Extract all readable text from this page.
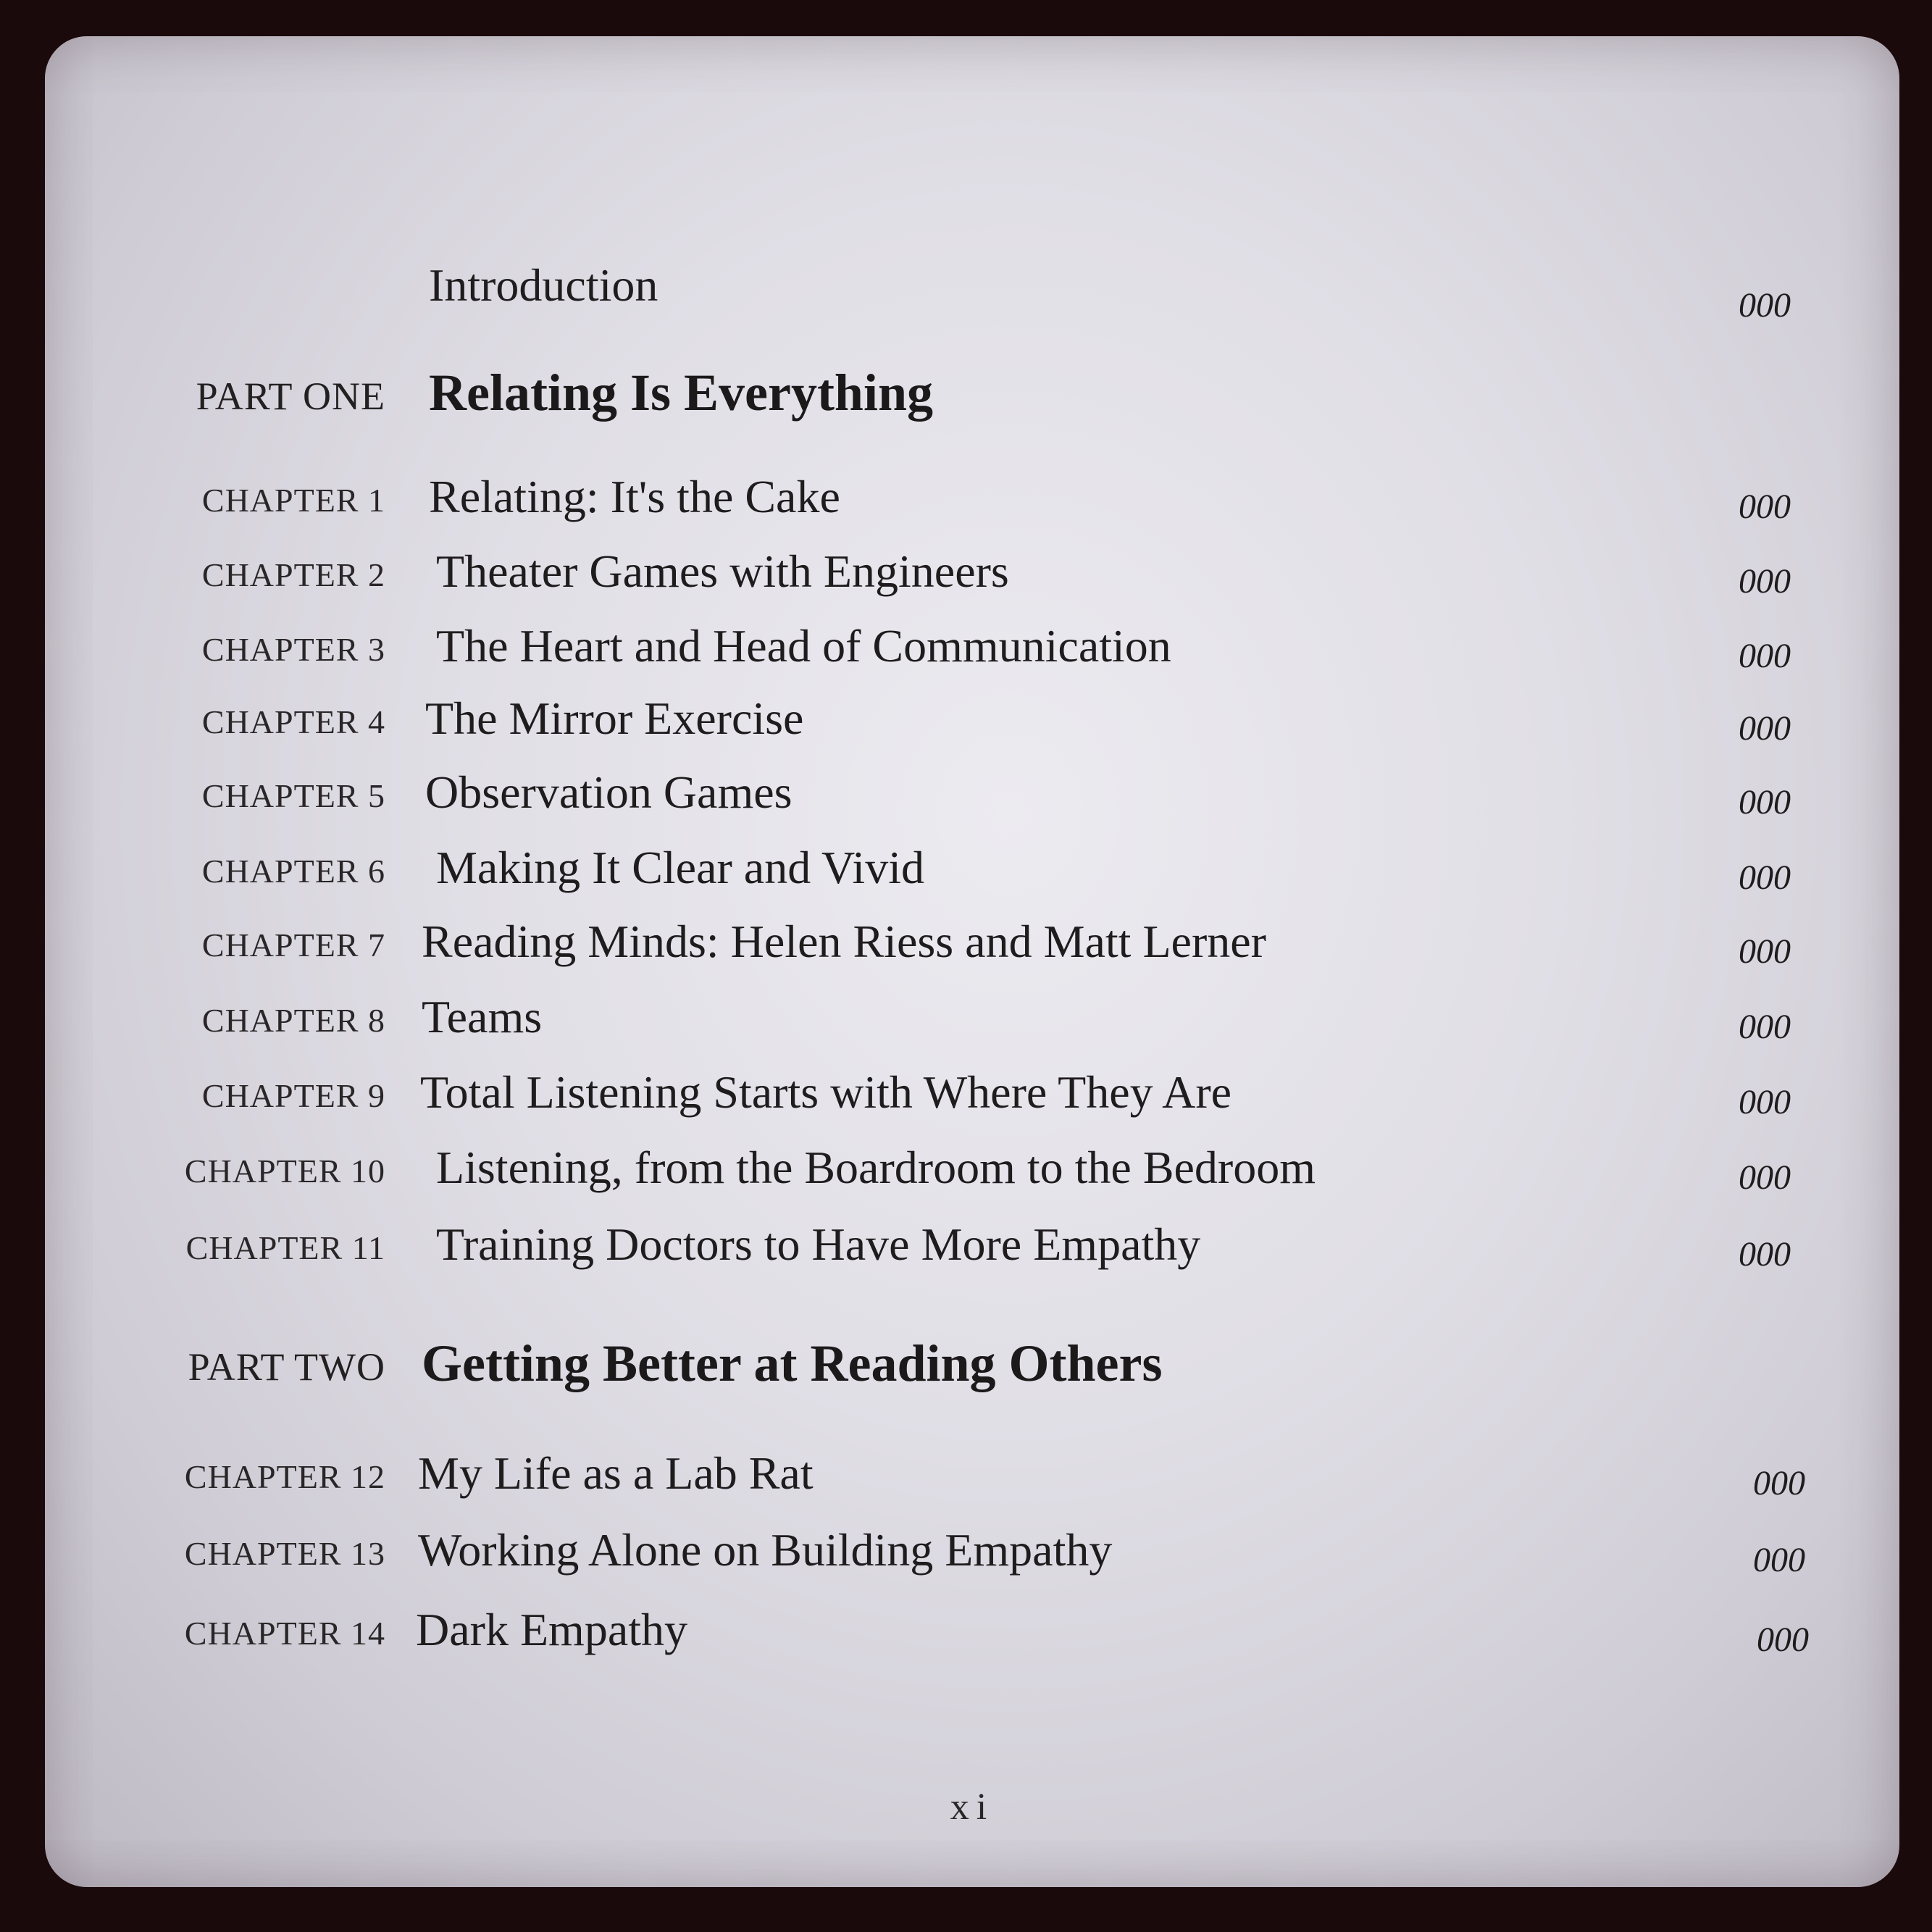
Introduction	000
PART ONE Relating Is Everything
CHAPTER 1 Relating: It's the Cake	000
CHAPTER 2 Theater Games with Engineers	000
CHAPTER 3 The Heart and Head of Communication	000
CHAPTER 4 The Mirror Exercise	000
CHAPTER 5 Observation Games	000
CHAPTER 6 Making It Clear and Vivid	000
CHAPTER 7 Reading Minds: Helen Riess and Matt Lerner	000
CHAPTER 8 Teams	000
CHAPTER 9 Total Listening Starts with Where They Are	000
CHAPTER 10 Listening, from the Boardroom to the Bedroom	000
CHAPTER 11 Training Doctors to Have More Empathy	000
PART TWO Getting Better at Reading Others
CHAPTER 12 My Life as a Lab Rat	000
CHAPTER 13 Working Alone on Building Empathy	000
CHAPTER 14 Dark Empathy	000
xi
